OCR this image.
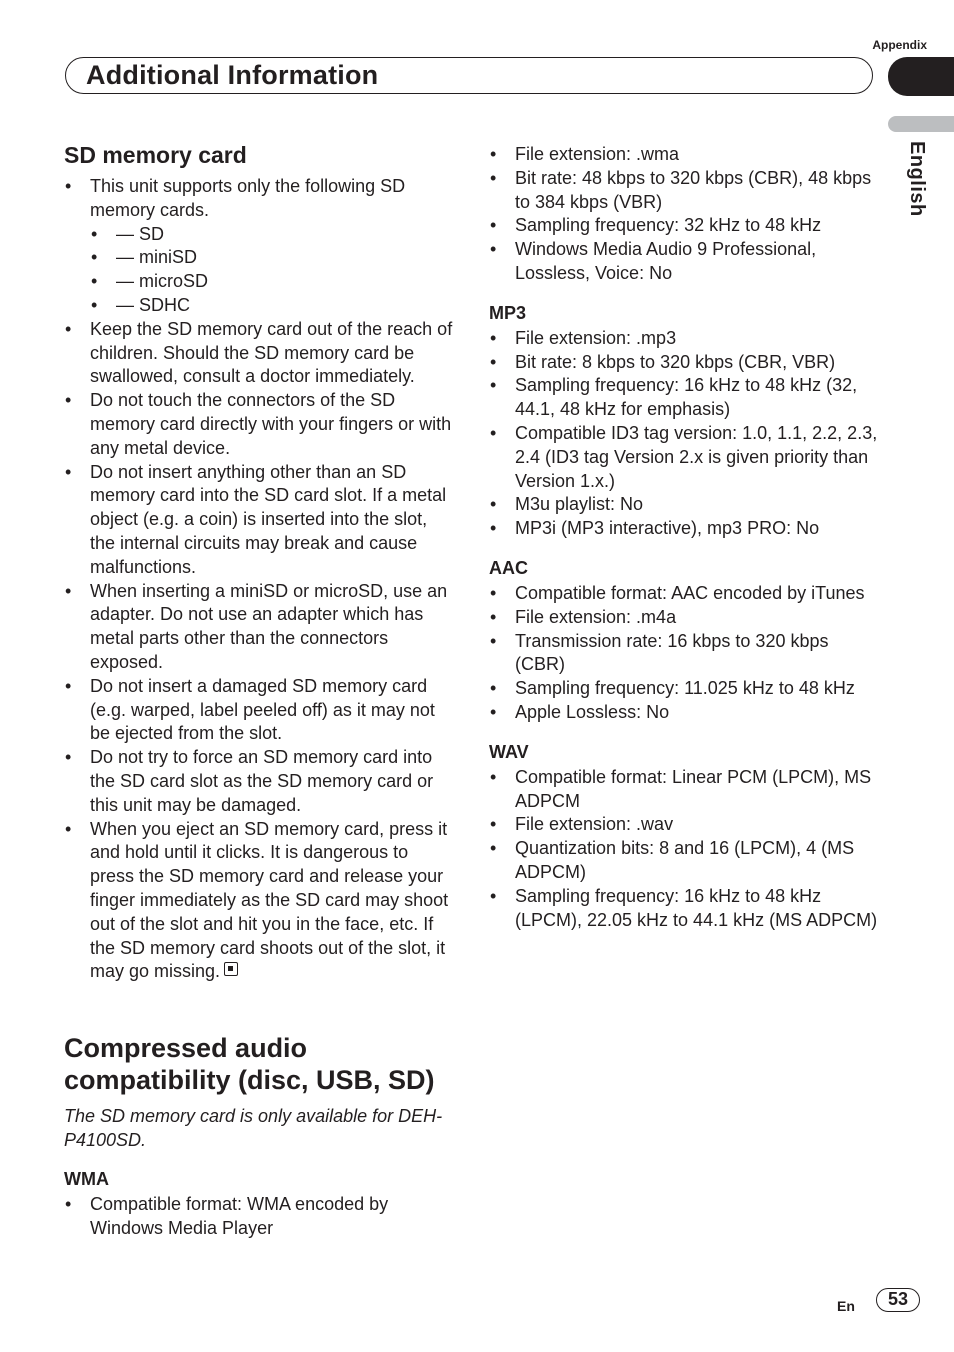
Appendix
Additional Information
English
SD memory card
• This unit supports only the following SD memory cards.
• — SD
• — miniSD
• — microSD
• — SDHC
• Keep the SD memory card out of the reach of children. Should the SD memory card be swallowed, consult a doctor immediately.
• Do not touch the connectors of the SD memory card directly with your fingers or with any metal device.
• Do not insert anything other than an SD memory card into the SD card slot. If a metal object (e.g. a coin) is inserted into the slot, the internal circuits may break and cause malfunctions.
• When inserting a miniSD or microSD, use an adapter. Do not use an adapter which has metal parts other than the connectors exposed.
• Do not insert a damaged SD memory card (e.g. warped, label peeled off) as it may not be ejected from the slot.
• Do not try to force an SD memory card into the SD card slot as the SD memory card or this unit may be damaged.
• When you eject an SD memory card, press it and hold until it clicks. It is dangerous to press the SD memory card and release your finger immediately as the SD card may shoot out of the slot and hit you in the face, etc. If the SD memory card shoots out of the slot, it may go missing.
Compressed audio
compatibility (disc, USB, SD)

The SD memory card is only available for DEH-P4100SD.

WMA
• Compatible format: WMA encoded by Windows Media Player
• File extension: .wma
• Bit rate: 48 kbps to 320 kbps (CBR), 48 kbps to 384 kbps (VBR)
• Sampling frequency: 32 kHz to 48 kHz
• Windows Media Audio 9 Professional, Lossless, Voice: No
MP3
• File extension: .mp3
• Bit rate: 8 kbps to 320 kbps (CBR, VBR)
• Sampling frequency: 16 kHz to 48 kHz (32, 44.1, 48 kHz for emphasis)
• Compatible ID3 tag version: 1.0, 1.1, 2.2, 2.3, 2.4 (ID3 tag Version 2.x is given priority than Version 1.x.)
• M3u playlist: No
• MP3i (MP3 interactive), mp3 PRO: No
AAC
• Compatible format: AAC encoded by iTunes
• File extension: .m4a
• Transmission rate: 16 kbps to 320 kbps (CBR)
• Sampling frequency: 11.025 kHz to 48 kHz
• Apple Lossless: No
WAV
• Compatible format: Linear PCM (LPCM), MS ADPCM
• File extension: .wav
• Quantization bits: 8 and 16 (LPCM), 4 (MS ADPCM)
• Sampling frequency: 16 kHz to 48 kHz (LPCM), 22.05 kHz to 44.1 kHz (MS ADPCM)
En	53
